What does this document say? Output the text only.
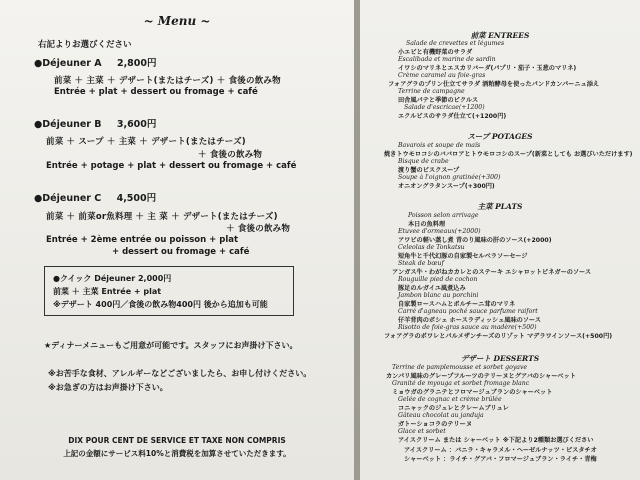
~ Menu ~
右記よりお選びください
●Déjeuner A 2,800円
前菜 ＋ 主菜 ＋ デザート(またはチーズ) ＋ 食後の飲み物
Entrée + plat + dessert ou fromage + café
●Déjeuner B 3,600円
前菜 ＋ スープ ＋ 主菜 ＋ デザート(またはチーズ)
＋ 食後の飲み物
Entrée + potage + plat + dessert ou fromage + café
●Déjeuner C 4,500円
前菜 ＋ 前菜or魚料理 ＋ 主 菜 ＋ デザート(またはチーズ)
＋ 食後の飲み物
Entrée + 2ème entrée ou poisson + plat
+ dessert ou fromage + café
●クイック Déjeuner 2,000円
前菜 ＋ 主菜 Entrée + plat
※デザート 400円／食後の飲み物400円 後から追加も可能
★ディナーメニューもご用意が可能です。スタッフにお声掛け下さい。
※お苦手な食材、アレルギーなどございましたら、お申し付けください。
※お急ぎの方はお声掛け下さい。
DIX POUR CENT DE SERVICE ET TAXE NON COMPRIS
上記の金額にサービス料10%と消費税を加算させていただきます。
前菜 ENTREES
Salade de crevettes et légumes
小エビと有機野菜のサラダ
Escalibada et marine de sardin
イワシのマリネとエスカリバーダ(パプリ・茄子・玉葱のマリネ)
Crème caramel au foie-gras
フォアグラのプリン仕立てサラダ 酒粕酵母を使ったパンドカンパーニュ添え
Terrine de campagne
田舎風パテと季節のピクルス
Salade d'escricae(+1200)
エクルビスのサラダ仕立て(+1200円)
スープ POTAGES
Bavarois et soupe de maïs
焼きトウモロコシのババロアとトウモロコシのスープ(新菜としても お選びいただけます)
Bisque de crabe
渡り蟹のビスクスープ
Soupe à l'oignon gratinée(+300)
オニオングラタンスープ(+300円)
主菜 PLATS
Poisson selon arrivage
本日の魚料理
Etuvee d'ormeaux(+2000)
アワビの軽い蒸し煮 青のり風味の肝のソース(+2000)
Celeolas de Tonkatsu
短角牛と千代幻豚の自家製セルベラソーセージ
Steak de bœuf
アンガス牛・わがねカカレとのステーキ エシャロットビネガーのソース
Rouguille pied de cochon
豚足のルガイユ風煮込み
Jambon blanc au porchini
自家製ロースハムとポルチーニ茸のマリネ
Carré d'agneau poché sauce parfume raifort
仔羊背肉のポシェ ホースラディッシュ風味のソース
Risotto de foie-gras sauce au madère(+500)
フォアグラのポワレとパルメザンチーズのリゾット マデラワインソース(+500円)
デザート DESSERTS
Terrine de pamplemousse et sorbet goyave
カンパリ風味のグレープフルーツのテリーヌとグアバのシャーベット
Granité de myouga et sorbet fromage blanc
ミョウガのグラニテとフロマージュブランのシャーベット
Gelée de cognac et crème brûlée
コニャックのジュレとクレームブリュレ
Gâteau chocolat au janduja
ガトーショコラのテリーヌ
Glace et sorbet
アイスクリーム または シャーベット ※下記より2種類お選びください
アイスクリーム ：バニラ・キャラメル・ヘーゼルナッツ・ピスタチオ
シャーベット ：ライチ・グアバ・フロマージュブラン・ライチ・青梅
